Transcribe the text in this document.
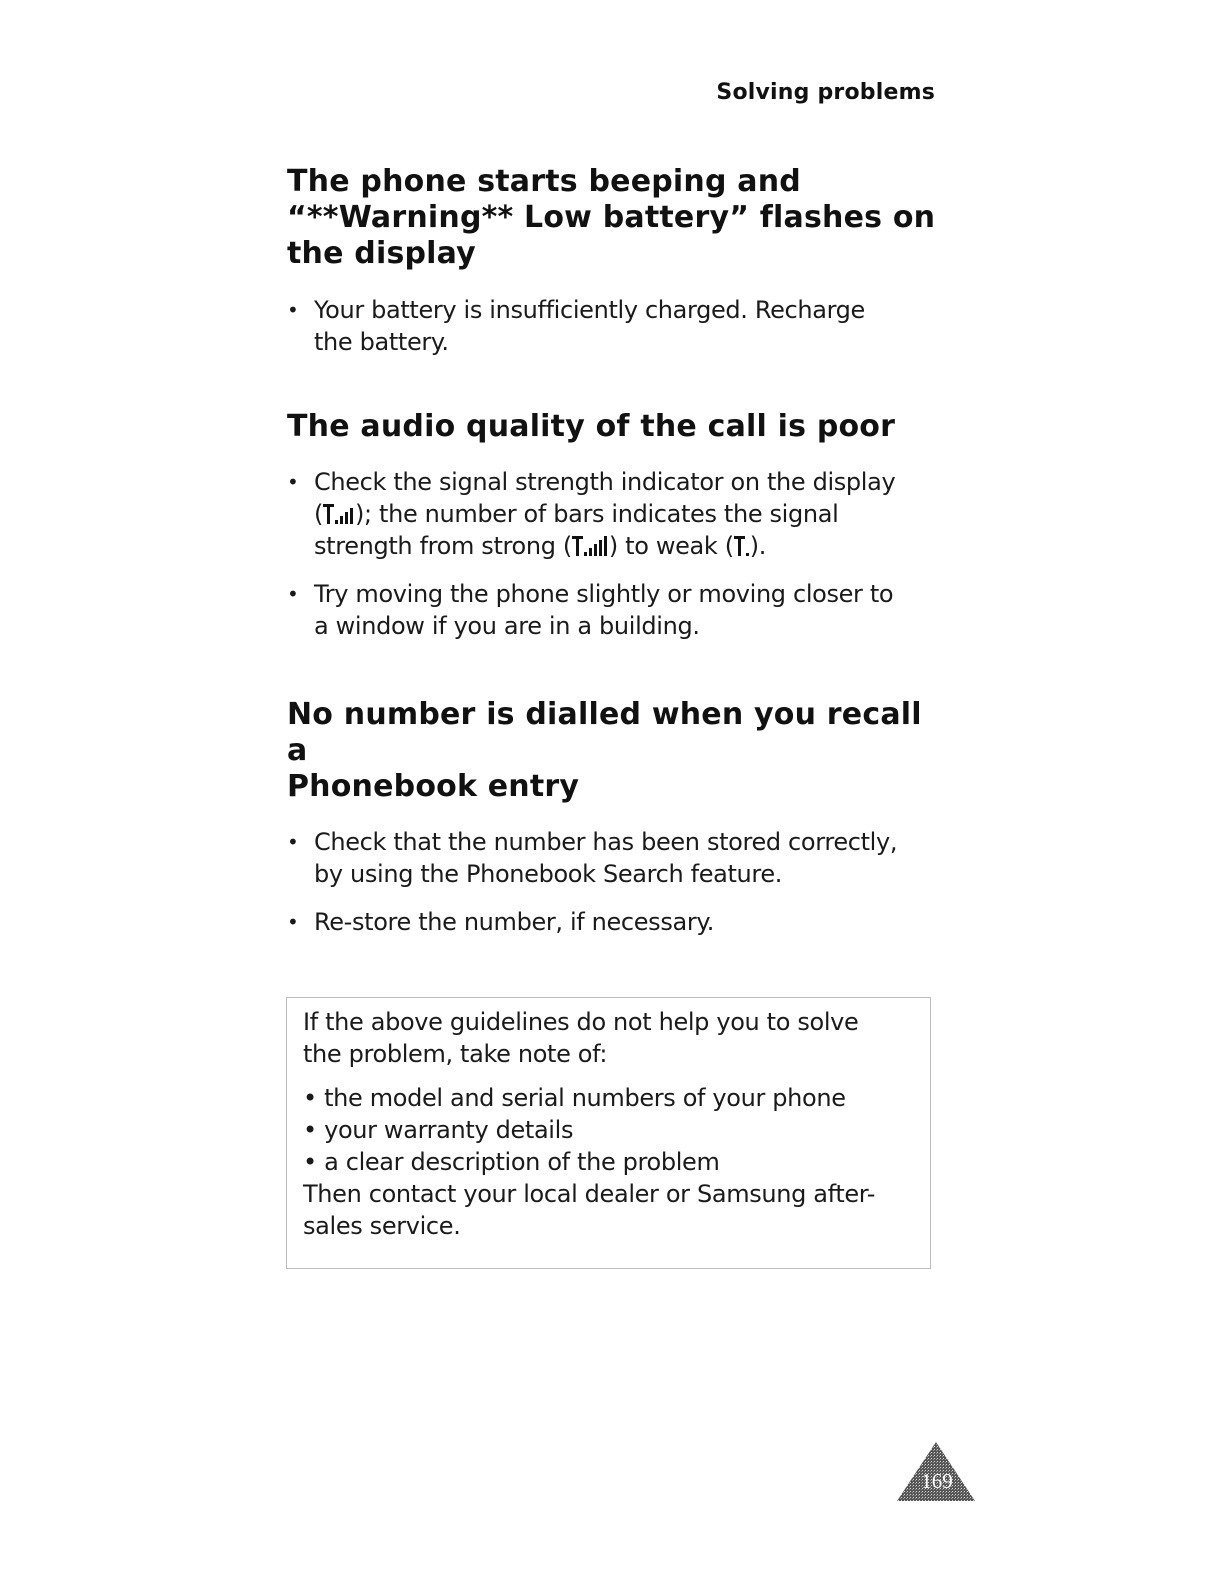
Solving problems
The phone starts beeping and
“**Warning** Low battery” flashes on
the display
• Your battery is insufficiently charged. Recharge
the battery.
The audio quality of the call is poor
• Check the signal strength indicator on the display
( ); the number of bars indicates the signal
strength from strong ( ) to weak ( ).
• Try moving the phone slightly or moving closer to
a window if you are in a building.
No number is dialled when you recall a
Phonebook entry
• Check that the number has been stored correctly,
by using the Phonebook Search feature.
• Re-store the number, if necessary.

If the above guidelines do not help you to solve
the problem, take note of:

• the model and serial numbers of your phone
• your warranty details
• a clear description of the problem

Then contact your local dealer or Samsung after-
sales service.

169
